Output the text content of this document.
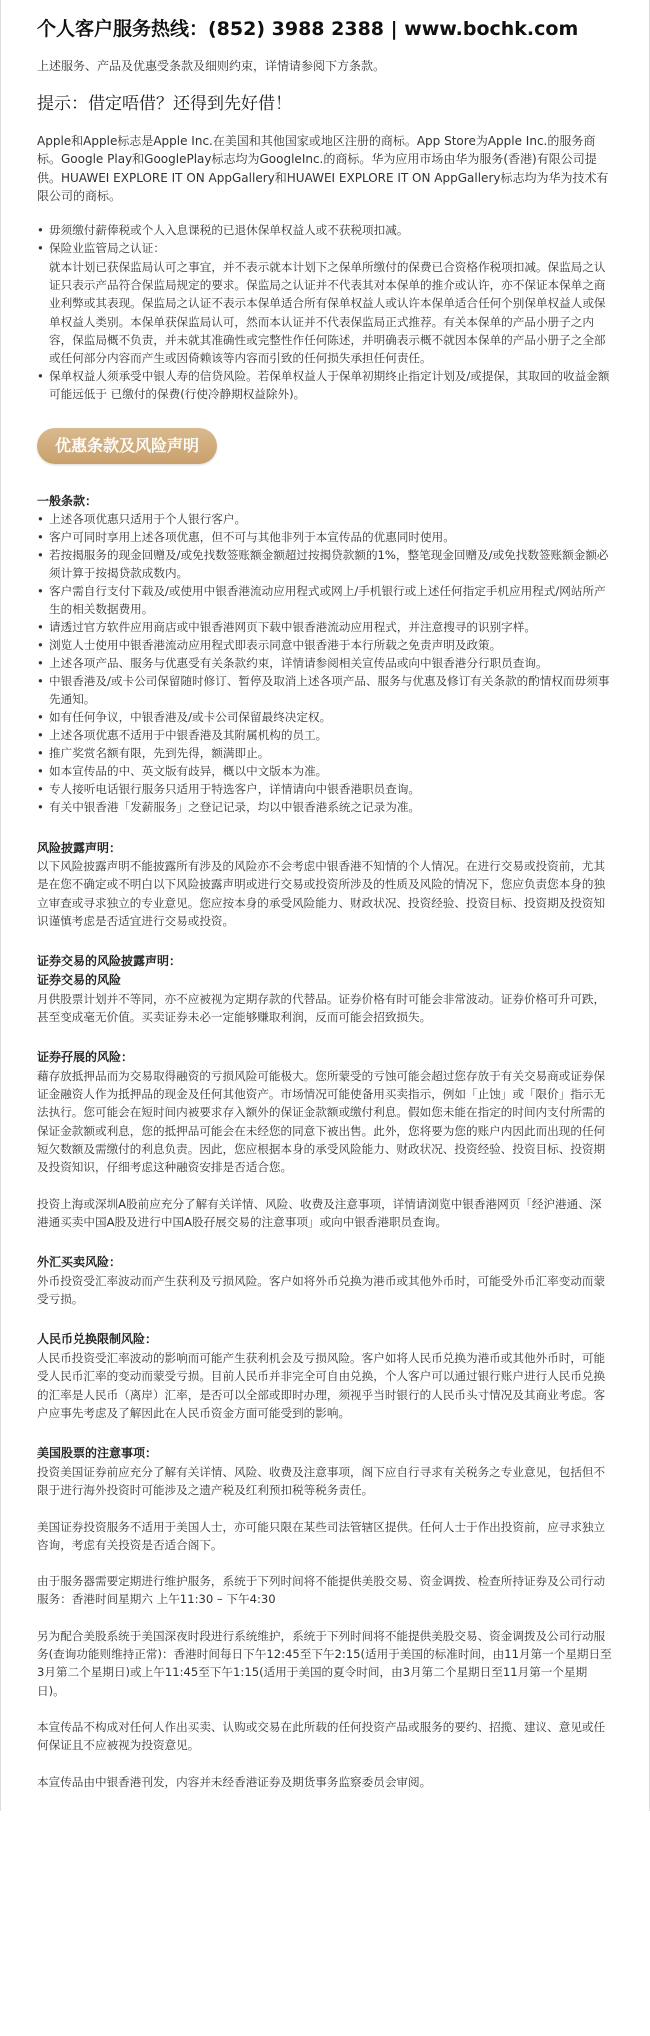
个人客户服务热线：(852) 3988 2388 | www.bochk.com
上述服务、产品及优惠受条款及细则约束，详情请参阅下方条款。
提示：借定唔借？还得到先好借！
Apple和Apple标志是Apple Inc.在美国和其他国家或地区注册的商标。App Store为Apple Inc.的服务商标。Google Play和GooglePlay标志均为GoogleInc.的商标。华为应用市场由华为服务(香港)有限公司提供。HUAWEI EXPLORE IT ON AppGallery和HUAWEI EXPLORE IT ON AppGallery标志均为华为技术有限公司的商标。
• 毋须缴付薪俸税或个人入息课税的已退休保单权益人或不获税项扣减。
• 保险业监管局之认证：
就本计划已获保监局认可之事宜，并不表示就本计划下之保单所缴付的保费已合资格作税项扣减。保监局之认证只表示产品符合保监局规定的要求。保监局之认证并不代表其对本保单的推介或认许，亦不保证本保单之商业利弊或其表现。保监局之认证不表示本保单适合所有保单权益人或认许本保单适合任何个别保单权益人或保单权益人类别。本保单获保监局认可，然而本认证并不代表保监局正式推荐。有关本保单的产品小册子之内容，保监局概不负责，并未就其准确性或完整性作任何陈述，并明确表示概不就因本保单的产品小册子之全部或任何部分内容而产生或因倚赖该等内容而引致的任何损失承担任何责任。
• 保单权益人须承受中银人寿的信贷风险。若保单权益人于保单初期终止指定计划及/或提保，其取回的收益金额可能远低于 已缴付的保费(行使冷静期权益除外)。
优惠条款及风险声明
一般条款：
• 上述各项优惠只适用于个人银行客户。
• 客户可同时享用上述各项优惠，但不可与其他非列于本宣传品的优惠同时使用。
• 若按揭服务的现金回赠及/或免找数签账额金额超过按揭贷款额的1%，整笔现金回赠及/或免找数签账额金额必须计算于按揭贷款成数内。
• 客户需自行支付下载及/或使用中银香港流动应用程式或网上/手机银行或上述任何指定手机应用程式/网站所产生的相关数据费用。
• 请透过官方软件应用商店或中银香港网页下载中银香港流动应用程式，并注意搜寻的识别字样。
• 浏览人士使用中银香港流动应用程式即表示同意中银香港于本行所载之免责声明及政策。
• 上述各项产品、服务与优惠受有关条款约束，详情请参阅相关宣传品或向中银香港分行职员查询。
• 中银香港及/或卡公司保留随时修订、暂停及取消上述各项产品、服务与优惠及修订有关条款的酌情权而毋须事先通知。
• 如有任何争议，中银香港及/或卡公司保留最终决定权。
• 上述各项优惠不适用于中银香港及其附属机构的员工。
• 推广奖赏名额有限，先到先得，额满即止。
• 如本宣传品的中、英文版有歧异，概以中文版本为准。
• 专人接听电话银行服务只适用于特选客户，详情请向中银香港职员查询。
• 有关中银香港「发薪服务」之登记记录，均以中银香港系统之记录为准。
风险披露声明：
以下风险披露声明不能披露所有涉及的风险亦不会考虑中银香港不知情的个人情况。在进行交易或投资前，尤其是在您不确定或不明白以下风险披露声明或进行交易或投资所涉及的性质及风险的情况下，您应负责您本身的独立审查或寻求独立的专业意见。您应按本身的承受风险能力、财政状况、投资经验、投资目标、投资期及投资知识谨慎考虑是否适宜进行交易或投资。
证券交易的风险披露声明：
证券交易的风险
月供股票计划并不等同，亦不应被视为定期存款的代替品。证券价格有时可能会非常波动。证券价格可升可跌，甚至变成毫无价值。买卖证券未必一定能够赚取利润，反而可能会招致损失。
证券孖展的风险：
藉存放抵押品而为交易取得融资的亏损风险可能极大。您所蒙受的亏蚀可能会超过您存放于有关交易商或证券保证金融资人作为抵押品的现金及任何其他资产。市场情况可能使备用买卖指示，例如「止蚀」或「限价」指示无法执行。您可能会在短时间内被要求存入额外的保证金款额或缴付利息。假如您未能在指定的时间内支付所需的保证金款额或利息，您的抵押品可能会在未经您的同意下被出售。此外，您将要为您的账户内因此而出现的任何短欠数额及需缴付的利息负责。因此，您应根据本身的承受风险能力、财政状况、投资经验、投资目标、投资期及投资知识，仔细考虑这种融资安排是否适合您。
投资上海或深圳A股前应充分了解有关详情、风险、收费及注意事项，详情请浏览中银香港网页「经沪港通、深港通买卖中国A股及进行中国A股孖展交易的注意事项」或向中银香港职员查询。
外汇买卖风险：
外币投资受汇率波动而产生获利及亏损风险。客户如将外币兑换为港币或其他外币时，可能受外币汇率变动而蒙受亏损。
人民币兑换限制风险：
人民币投资受汇率波动的影响而可能产生获利机会及亏损风险。客户如将人民币兑换为港币或其他外币时，可能受人民币汇率的变动而蒙受亏损。目前人民币并非完全可自由兑换，个人客户可以通过银行账户进行人民币兑换的汇率是人民币（离岸）汇率，是否可以全部或即时办理，须视乎当时银行的人民币头寸情况及其商业考虑。客户应事先考虑及了解因此在人民币资金方面可能受到的影响。
美国股票的注意事项：
投资美国证券前应充分了解有关详情、风险、收费及注意事项，阁下应自行寻求有关税务之专业意见，包括但不限于进行海外投资时可能涉及之遗产税及红利预扣税等税务责任。
美国证券投资服务不适用于美国人士，亦可能只限在某些司法管辖区提供。任何人士于作出投资前，应寻求独立咨询，考虑有关投资是否适合阁下。
由于服务器需要定期进行维护服务，系统于下列时间将不能提供美股交易、资金调拨、检查所持证券及公司行动服务：香港时间星期六 上午11:30 – 下午4:30
另为配合美股系统于美国深夜时段进行系统维护，系统于下列时间将不能提供美股交易、资金调拨及公司行动服务(查询功能则维持正常)：香港时间每日下午12:45至下午2:15(适用于美国的标准时间，由11月第一个星期日至3月第二个星期日)或上午11:45至下午1:15(适用于美国的夏令时间，由3月第二个星期日至11月第一个星期日)。
本宣传品不构成对任何人作出买卖、认购或交易在此所载的任何投资产品或服务的要约、招揽、建议、意见或任何保证且不应被视为投资意见。
本宣传品由中银香港刊发，内容并未经香港证券及期货事务监察委员会审阅。
